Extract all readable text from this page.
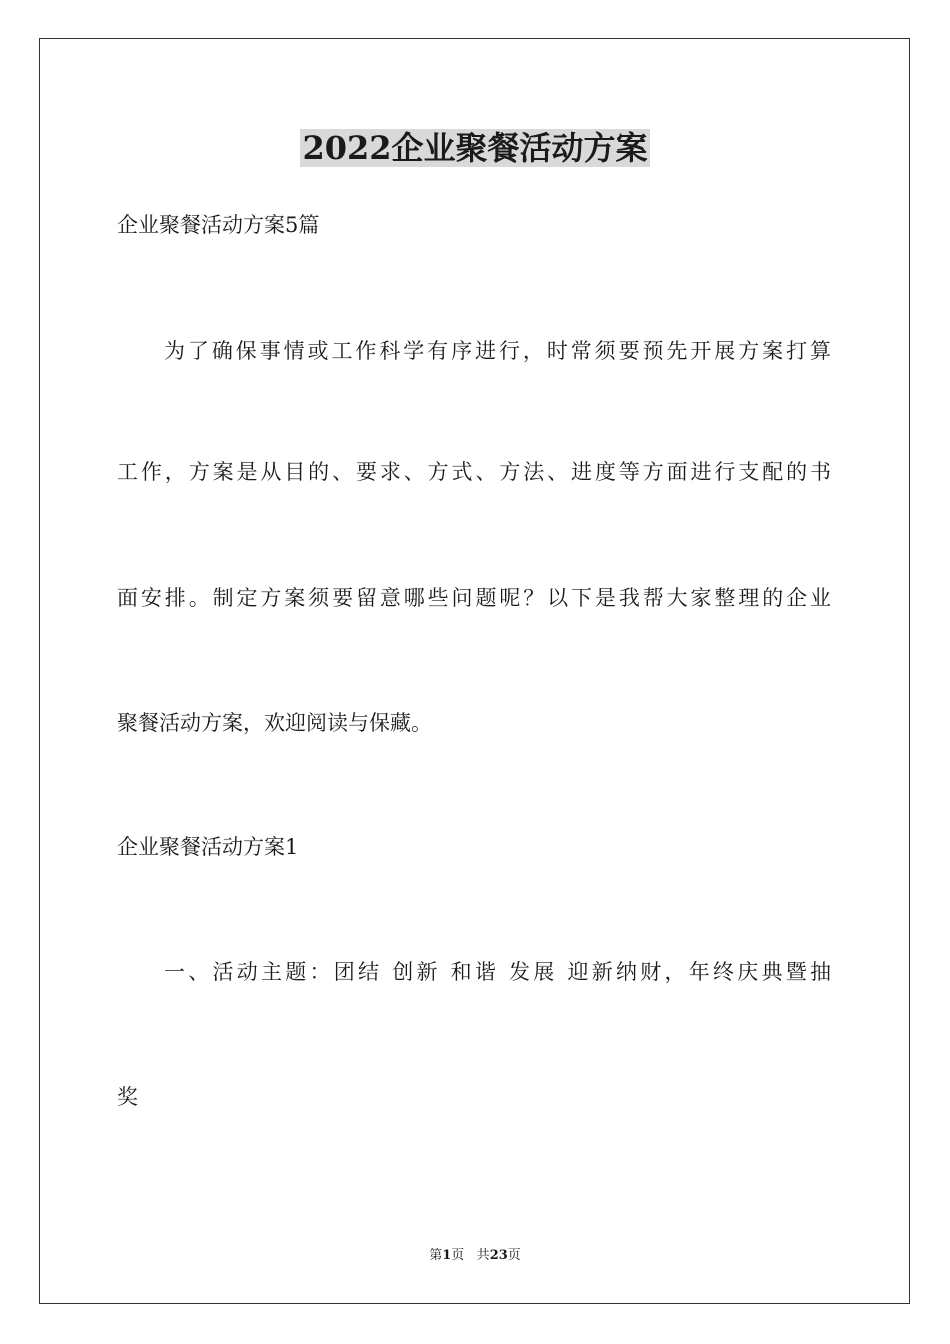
2022企业聚餐活动方案
企业聚餐活动方案5篇
为了确保事情或工作科学有序进行，时常须要预先开展方案打算
工作，方案是从目的、要求、方式、方法、进度等方面进行支配的书
面安排。制定方案须要留意哪些问题呢？以下是我帮大家整理的企业
聚餐活动方案，欢迎阅读与保藏。
企业聚餐活动方案1
一、活动主题：团结 创新 和谐 发展 迎新纳财，年终庆典暨抽
奖
第1页 共23页
